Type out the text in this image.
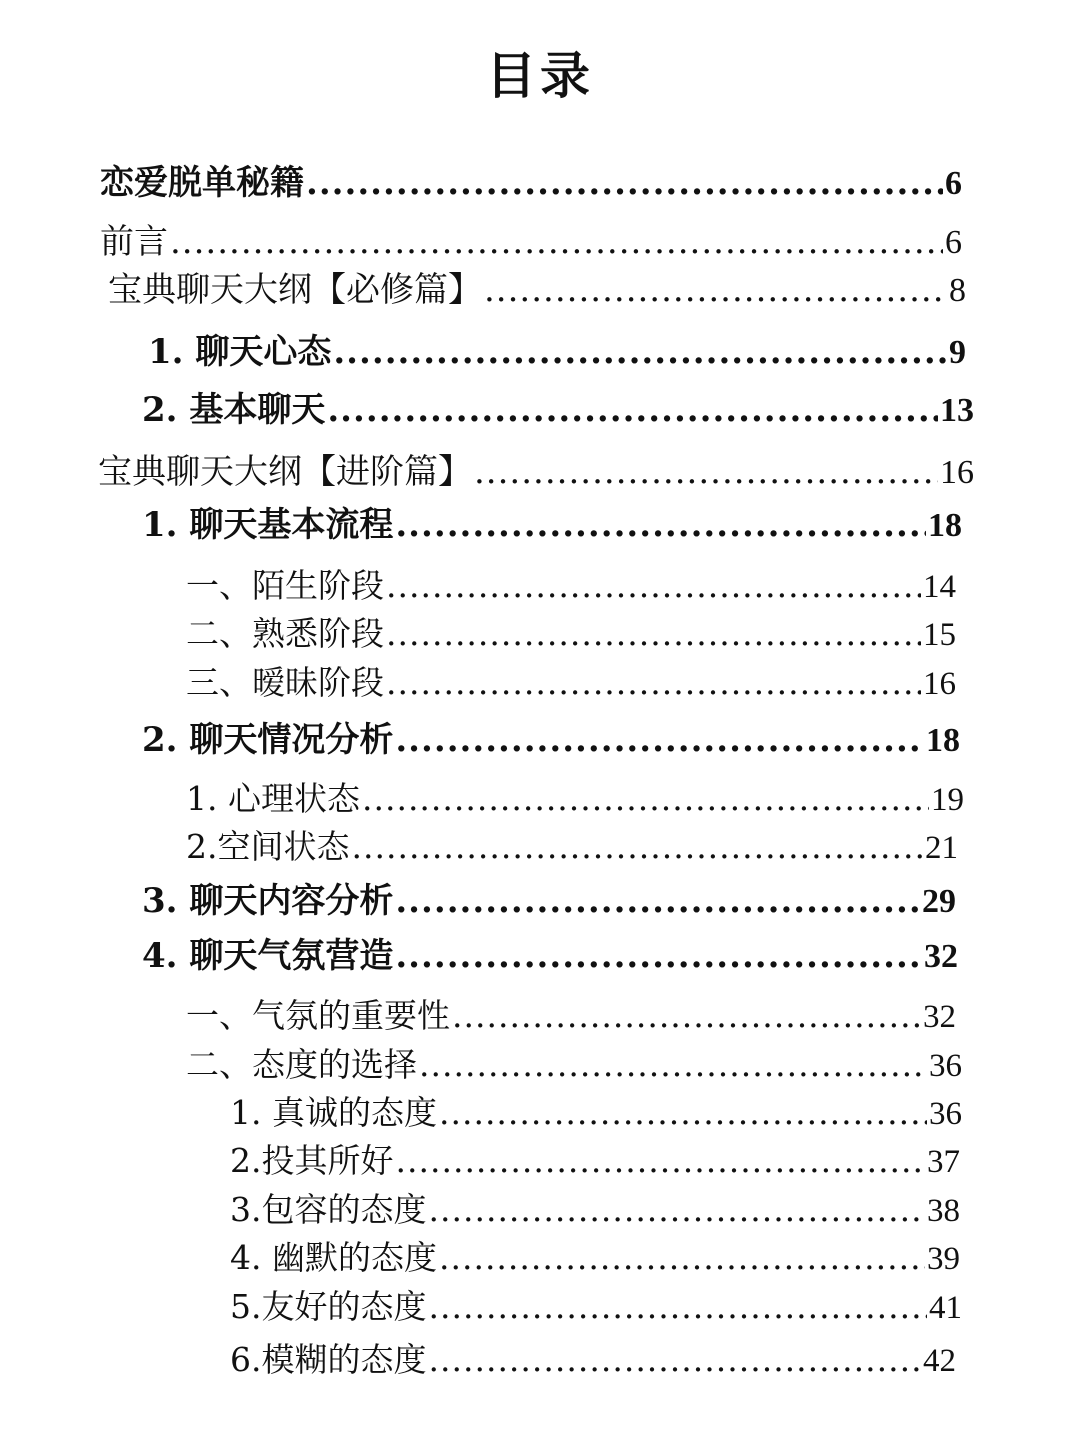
目录
恋爱脱单秘籍 .....	6
前言 .....	6
宝典聊天大纲【必修篇】 .....	8
1. 聊天心态 .....	9
2. 基本聊天 .....	13
宝典聊天大纲【进阶篇】 .....	16
1. 聊天基本流程 .....	18
一、陌生阶段 .....	14
二、熟悉阶段 .....	15
三、暧昧阶段 .....	16
2. 聊天情况分析 .....	18
1. 心理状态 .....	19
2.空间状态 .....	21
3. 聊天内容分析 .....	29
4. 聊天气氛营造 .....	32
一、气氛的重要性 .....	32
二、态度的选择 .....	36
1. 真诚的态度 .....	36
2.投其所好 .....	37
3.包容的态度 .....	38
4. 幽默的态度 .....	39
5.友好的态度 .....	41
6.模糊的态度 .....	42
